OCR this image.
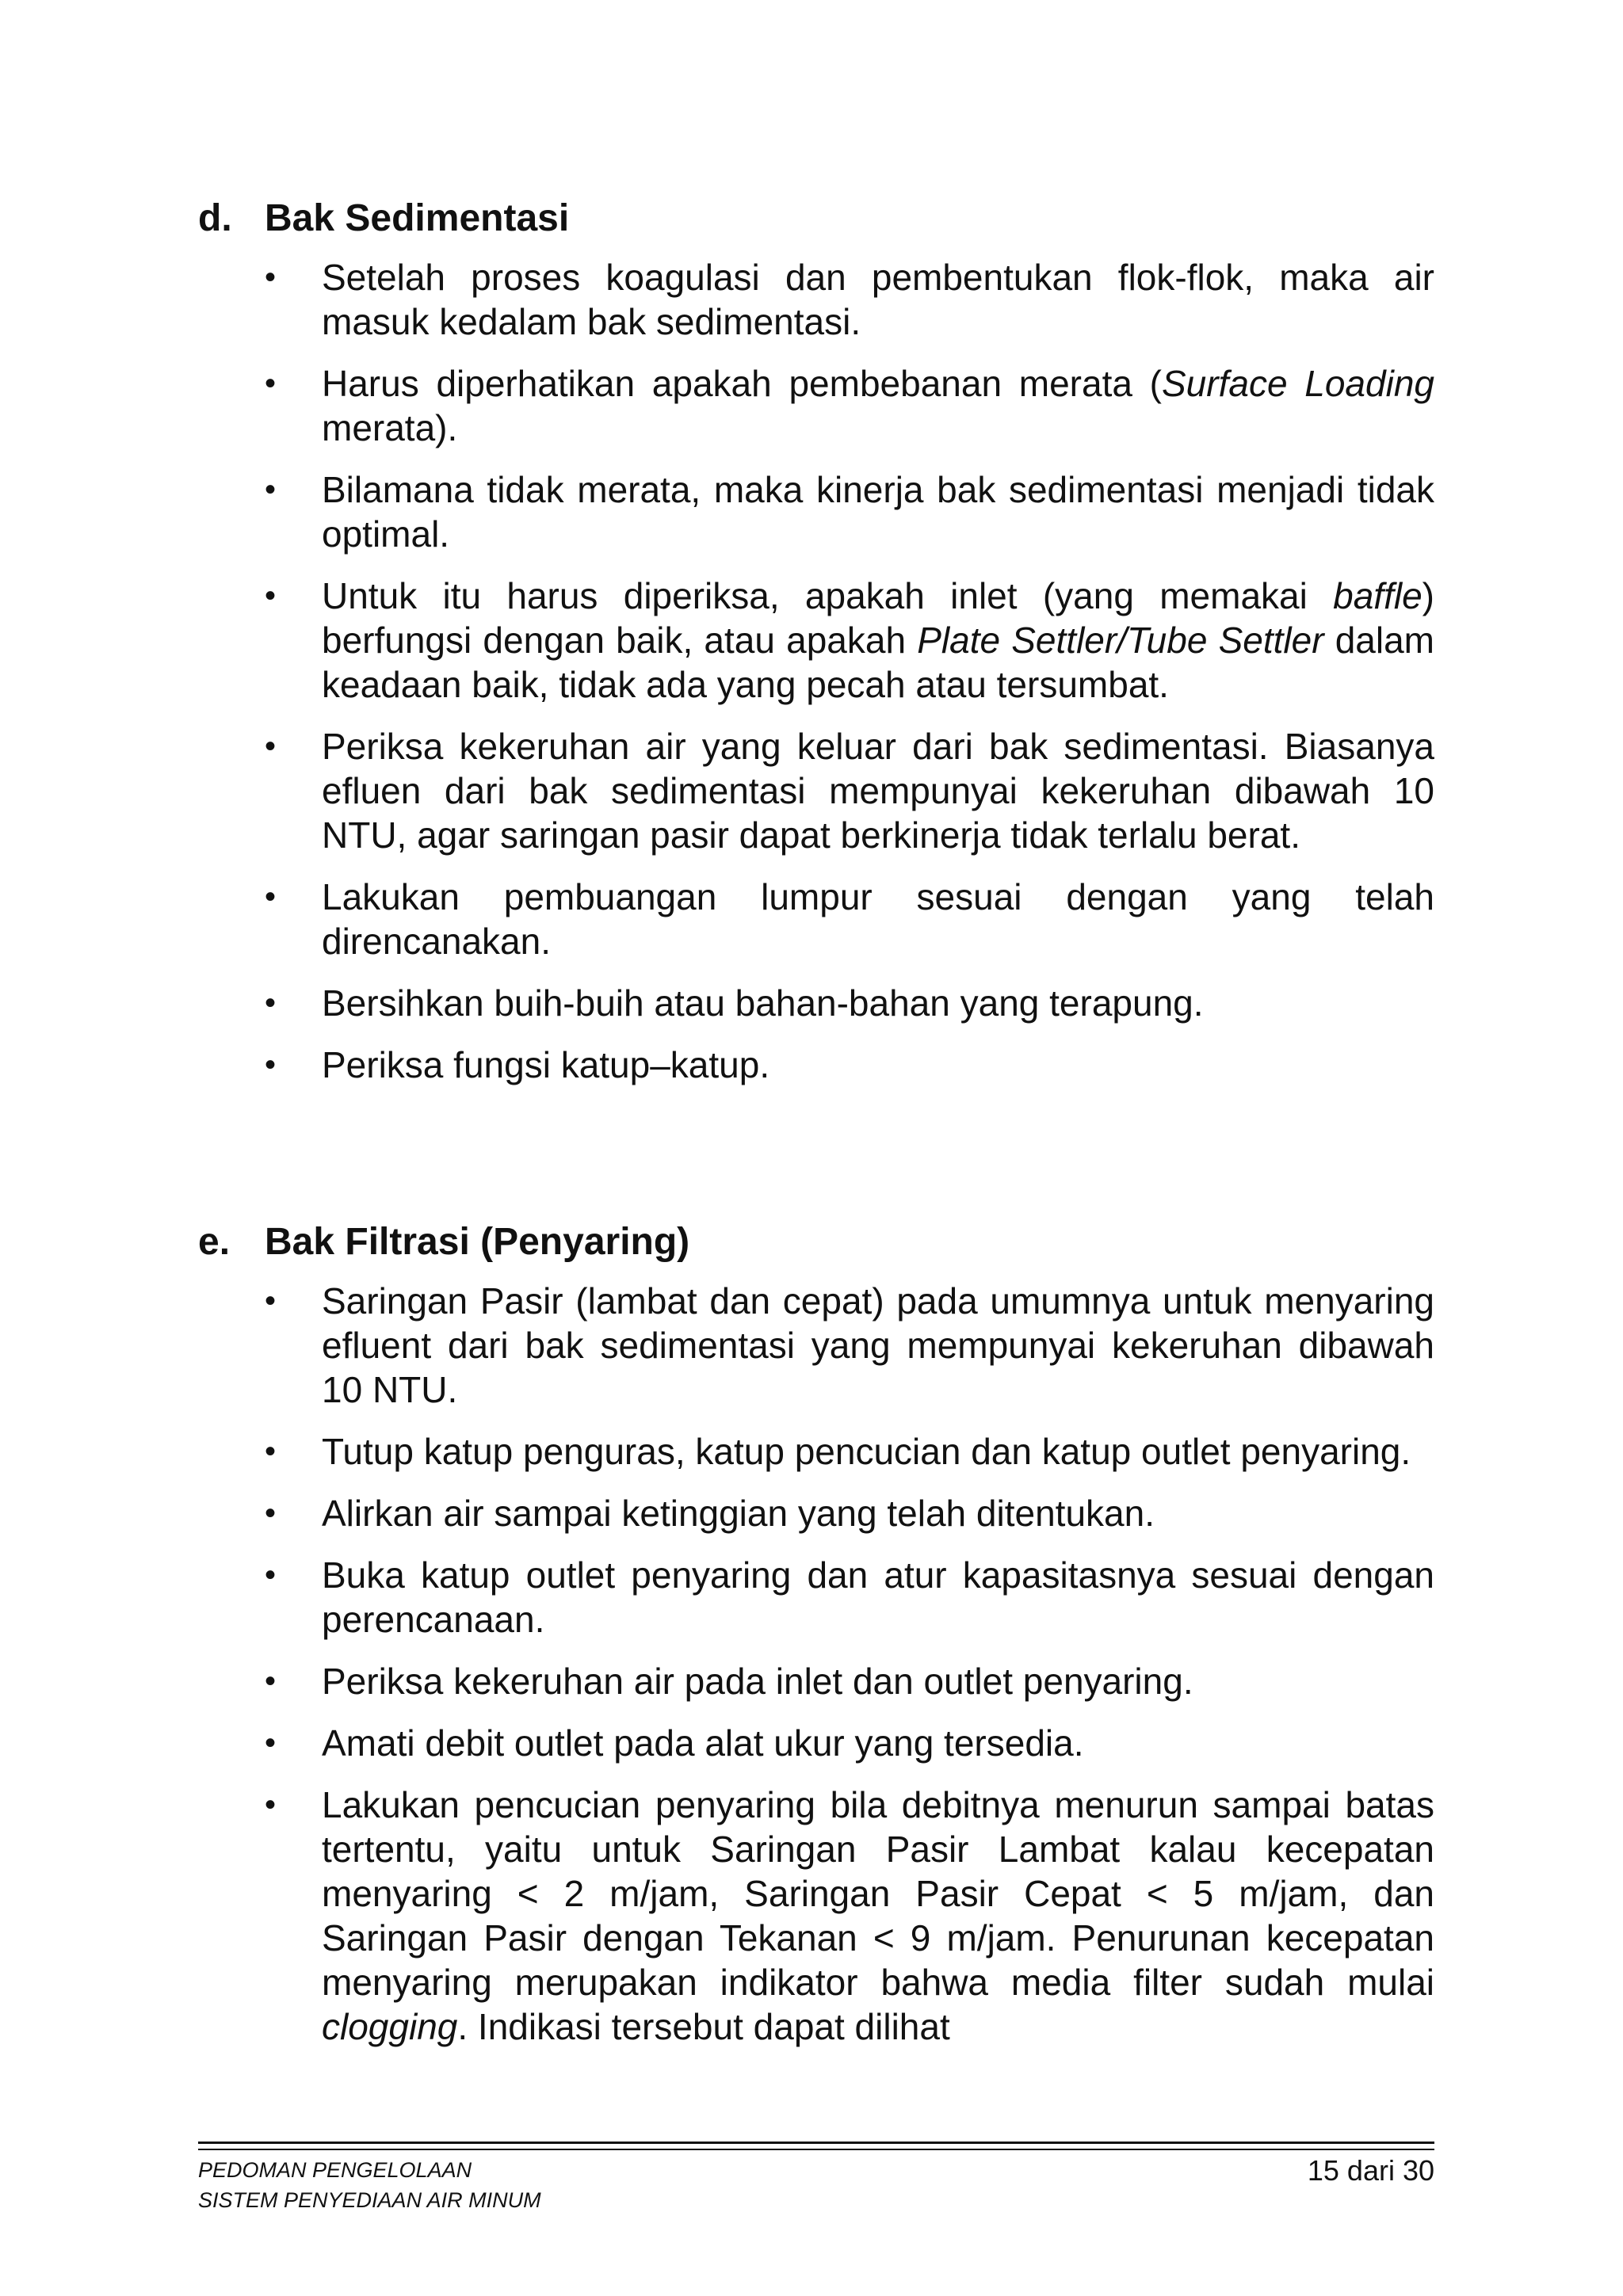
d. Bak Sedimentasi
•	Setelah proses koagulasi dan pembentukan flok-flok, maka air masuk kedalam bak sedimentasi.
•	Harus diperhatikan apakah pembebanan merata (Surface Loading merata).
•	Bilamana tidak merata, maka kinerja bak sedimentasi menjadi tidak optimal.
•	Untuk itu harus diperiksa, apakah inlet (yang memakai baffle) berfungsi dengan baik, atau apakah Plate Settler/Tube Settler dalam keadaan baik, tidak ada yang pecah atau tersumbat.
•	Periksa kekeruhan air yang keluar dari bak sedimentasi. Biasanya efluen dari bak sedimentasi mempunyai kekeruhan dibawah 10 NTU, agar saringan pasir dapat berkinerja tidak terlalu berat.
•	Lakukan pembuangan lumpur sesuai dengan yang telah direncanakan.
•	Bersihkan buih-buih atau bahan-bahan yang terapung.
•	Periksa fungsi katup–katup.
e. Bak Filtrasi (Penyaring)
•	Saringan Pasir (lambat dan cepat) pada umumnya untuk menyaring efluent dari bak sedimentasi yang mempunyai kekeruhan dibawah 10 NTU.
•	Tutup katup penguras, katup pencucian dan katup outlet penyaring.
•	Alirkan air sampai ketinggian yang telah ditentukan.
•	Buka katup outlet penyaring dan atur kapasitasnya sesuai dengan perencanaan.
•	Periksa kekeruhan air pada inlet dan outlet penyaring.
•	Amati debit outlet pada alat ukur yang tersedia.
•	Lakukan pencucian penyaring bila debitnya menurun sampai batas tertentu, yaitu untuk Saringan Pasir Lambat kalau kecepatan menyaring < 2 m/jam, Saringan Pasir Cepat < 5 m/jam, dan Saringan Pasir dengan Tekanan < 9 m/jam. Penurunan kecepatan menyaring merupakan indikator bahwa media filter sudah mulai clogging. Indikasi tersebut dapat dilihat
PEDOMAN PENGELOLAAN
SISTEM PENYEDIAAN AIR MINUM
15 dari 30
